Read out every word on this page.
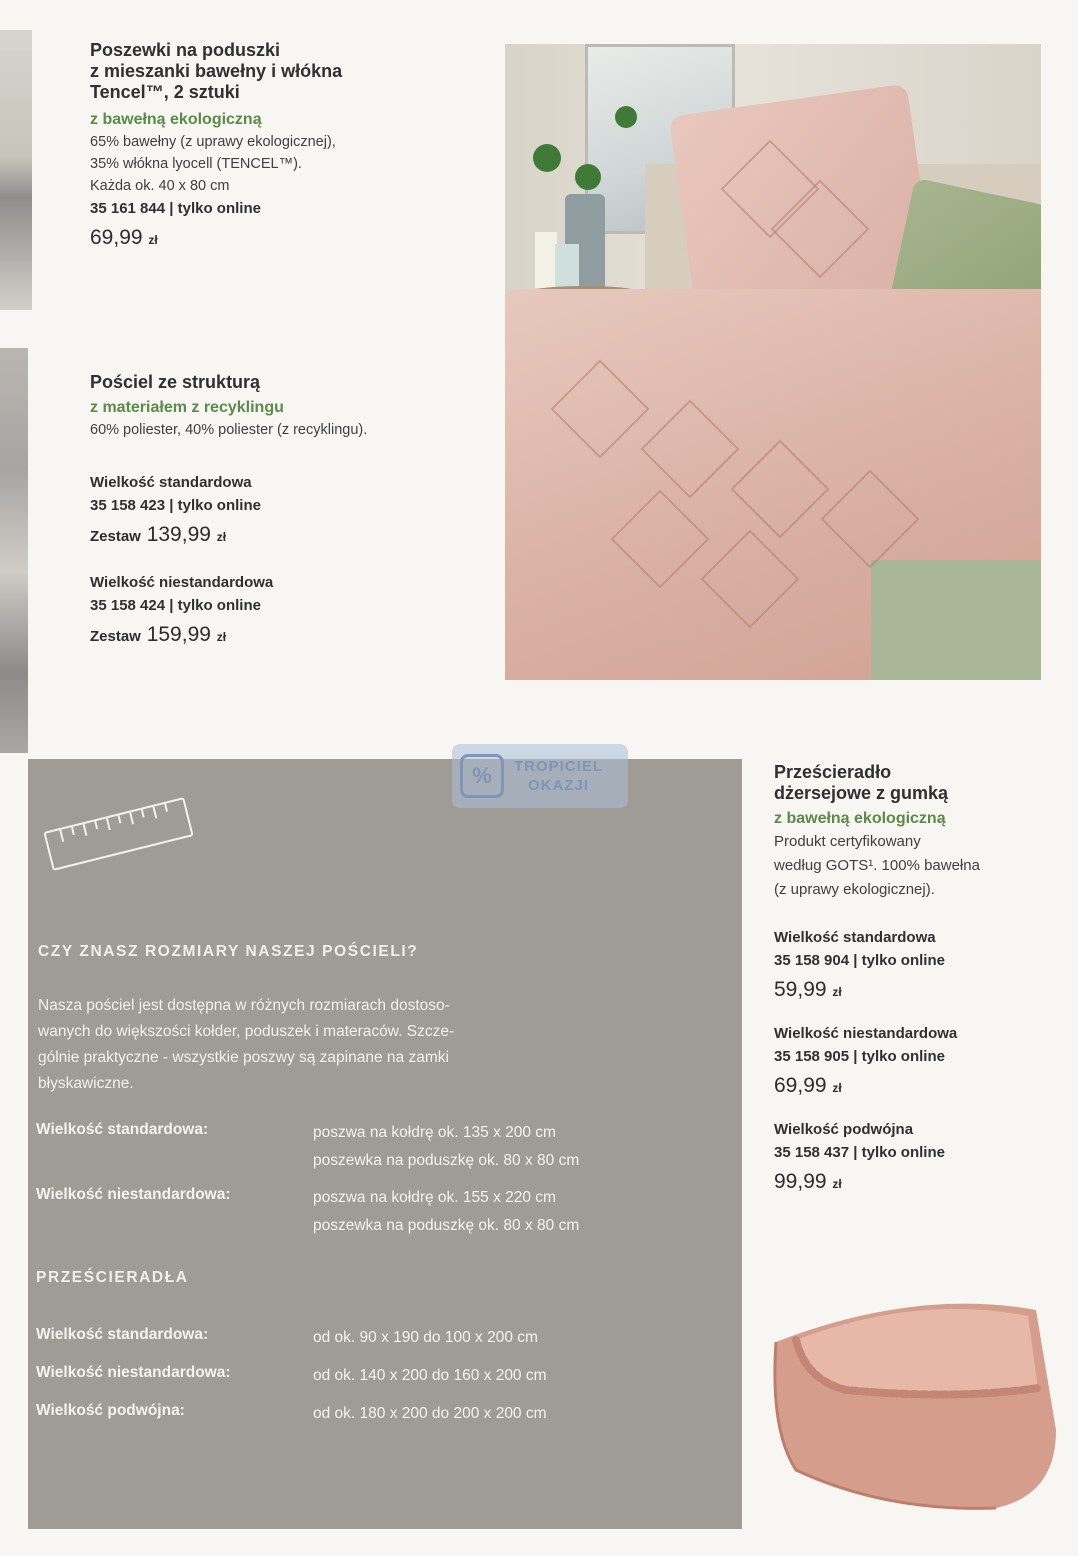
Poszewki na poduszki
z mieszanki bawełny i włókna
Tencel™, 2 sztuki
z bawełną ekologiczną
65% bawełny (z uprawy ekologicznej),
35% włókna lyocell (TENCEL™).
Każda ok. 40 x 80 cm
35 161 844 | tylko online
69,99 zł
Pościel ze strukturą
z materiałem z recyklingu
60% poliester, 40% poliester (z recyklingu).
Wielkość standardowa
35 158 423 | tylko online
Zestaw 139,99 zł
Wielkość niestandardowa
35 158 424 | tylko online
Zestaw 159,99 zł
CZY ZNASZ ROZMIARY NASZEJ POŚCIELI?
Nasza pościel jest dostępna w różnych rozmiarach dostoso-
wanych do większości kołder, poduszek i materaców. Szcze-
gólnie praktyczne - wszystkie poszwy są zapinane na zamki
błyskawiczne.
Wielkość standardowa:	poszwa na kołdrę ok. 135 x 200 cm
poszewka na poduszkę ok. 80 x 80 cm
Wielkość niestandardowa:	poszwa na kołdrę ok. 155 x 220 cm
poszewka na poduszkę ok. 80 x 80 cm
PRZEŚCIERADŁA
Wielkość standardowa:	od ok. 90 x 190 do 100 x 200 cm
Wielkość niestandardowa:	od ok. 140 x 200 do 160 x 200 cm
Wielkość podwójna:	od ok. 180 x 200 do 200 x 200 cm
%	TROPICIEL
OKAZJI
Prześcieradło
dżersejowe z gumką
z bawełną ekologiczną
Produkt certyfikowany
według GOTS¹. 100% bawełna
(z uprawy ekologicznej).
Wielkość standardowa
35 158 904 | tylko online
59,99 zł
Wielkość niestandardowa
35 158 905 | tylko online
69,99 zł
Wielkość podwójna
35 158 437 | tylko online
99,99 zł
